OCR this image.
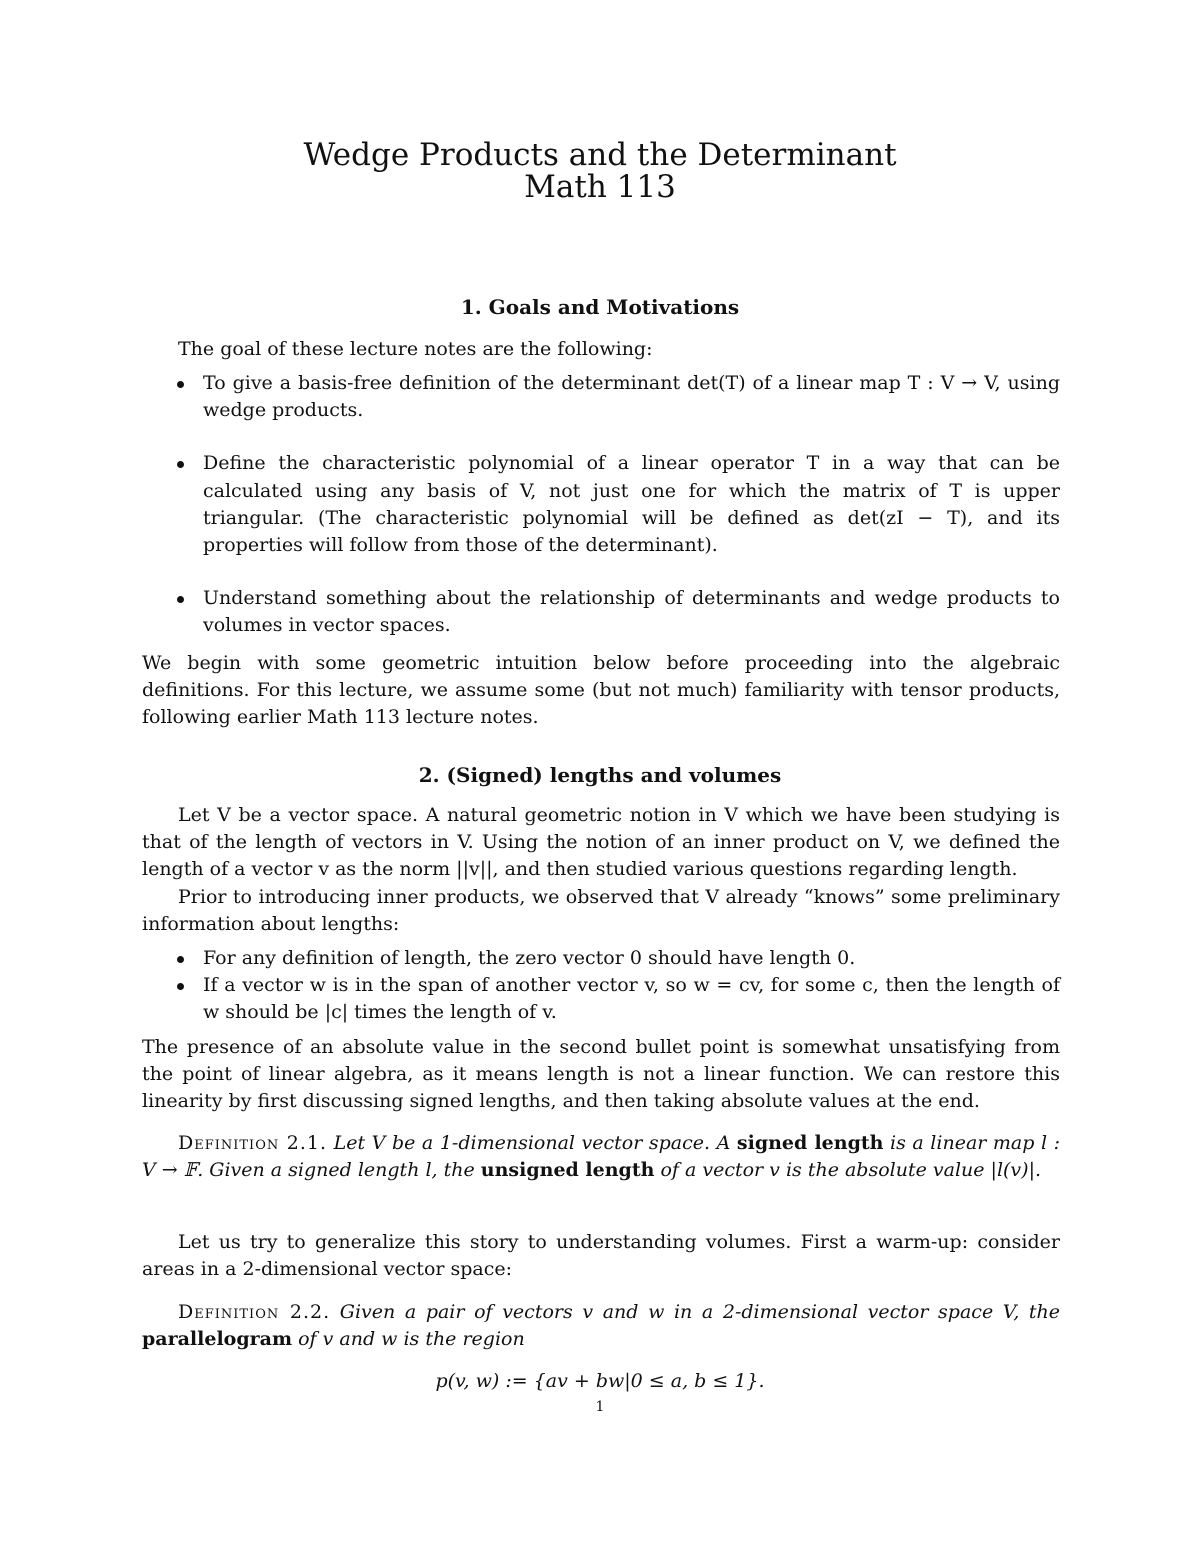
Wedge Products and the Determinant
Math 113
1. Goals and Motivations
The goal of these lecture notes are the following:
To give a basis-free definition of the determinant det(T) of a linear map T : V → V, using wedge products.
Define the characteristic polynomial of a linear operator T in a way that can be calculated using any basis of V, not just one for which the matrix of T is upper triangular. (The characteristic polynomial will be defined as det(zI − T), and its properties will follow from those of the determinant).
Understand something about the relationship of determinants and wedge products to volumes in vector spaces.
We begin with some geometric intuition below before proceeding into the algebraic definitions. For this lecture, we assume some (but not much) familiarity with tensor products, following earlier Math 113 lecture notes.
2. (Signed) lengths and volumes
Let V be a vector space. A natural geometric notion in V which we have been studying is that of the length of vectors in V. Using the notion of an inner product on V, we defined the length of a vector v as the norm ||v||, and then studied various questions regarding length.
Prior to introducing inner products, we observed that V already “knows” some preliminary information about lengths:
For any definition of length, the zero vector 0 should have length 0.
If a vector w is in the span of another vector v, so w = cv, for some c, then the length of w should be |c| times the length of v.
The presence of an absolute value in the second bullet point is somewhat unsatisfying from the point of linear algebra, as it means length is not a linear function. We can restore this linearity by first discussing signed lengths, and then taking absolute values at the end.
Definition 2.1. Let V be a 1-dimensional vector space. A signed length is a linear map l : V → 𝔽. Given a signed length l, the unsigned length of a vector v is the absolute value |l(v)|.
Let us try to generalize this story to understanding volumes. First a warm-up: consider areas in a 2-dimensional vector space:
Definition 2.2. Given a pair of vectors v and w in a 2-dimensional vector space V, the parallelogram of v and w is the region
p(v, w) := {av + bw|0 ≤ a, b ≤ 1}.
1
